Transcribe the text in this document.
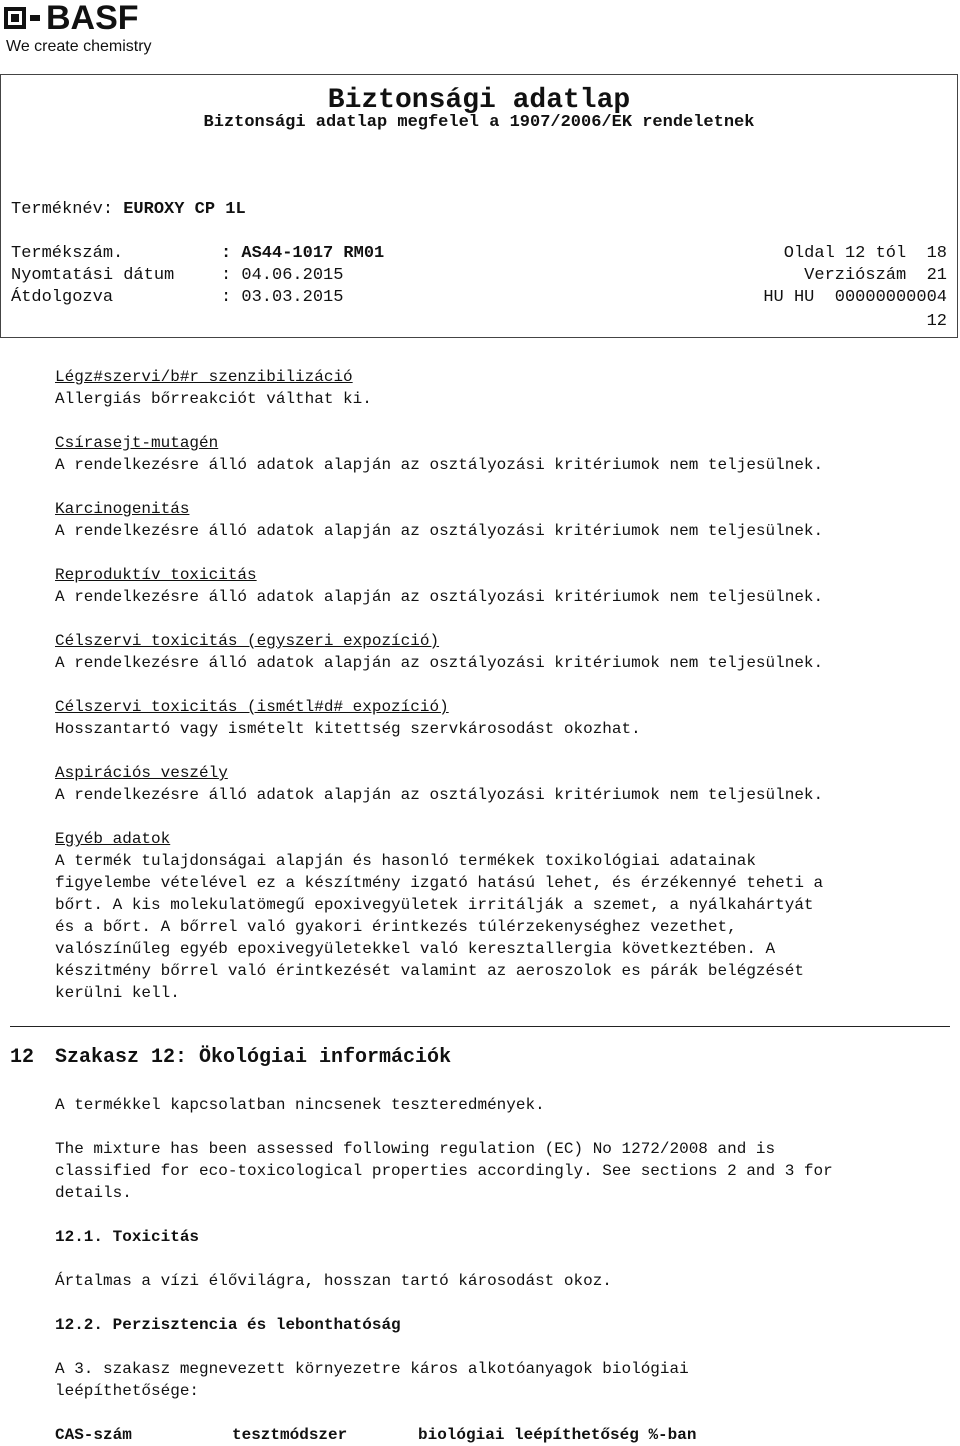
BASF
We create chemistry
Biztonsági adatlap
Biztonsági adatlap megfelel a 1907/2006/EK rendeletnek
Terméknév: EUROXY CP 1L
Termékszám.	: AS44-1017 RM01	Oldal 12 tól  18
Nyomtatási dátum	: 04.06.2015	Verziószám  21
Átdolgozva	: 03.03.2015	HU HU  00000000004
12
Légz#szervi/b#r szenzibilizáció
Allergiás bőrreakciót válthat ki.
Csírasejt-mutagén
A rendelkezésre álló adatok alapján az osztályozási kritériumok nem teljesülnek.
Karcinogenitás
A rendelkezésre álló adatok alapján az osztályozási kritériumok nem teljesülnek.
Reproduktív toxicitás
A rendelkezésre álló adatok alapján az osztályozási kritériumok nem teljesülnek.
Célszervi toxicitás (egyszeri expozíció)
A rendelkezésre álló adatok alapján az osztályozási kritériumok nem teljesülnek.
Célszervi toxicitás (ismétl#d# expozíció)
Hosszantartó vagy ismételt kitettség szervkárosodást okozhat.
Aspirációs veszély
A rendelkezésre álló adatok alapján az osztályozási kritériumok nem teljesülnek.
Egyéb adatok
A termék tulajdonságai alapján és hasonló termékek toxikológiai adatainak
figyelembe vételével ez a készítmény izgató hatású lehet, és érzékennyé teheti a
bőrt. A kis molekulatömegű epoxivegyületek irritálják a szemet, a nyálkahártyát
és a bőrt. A bőrrel való gyakori érintkezés túlérzekenységhez vezethet,
valószínűleg egyéb epoxivegyületekkel való keresztallergia következtében. A
készitmény bőrrel való érintkezését valamint az aeroszolok es párák belégzését
kerülni kell.
12 Szakasz 12: Ökológiai információk
A termékkel kapcsolatban nincsenek teszteredmények.
The mixture has been assessed following regulation (EC) No 1272/2008 and is
classified for eco-toxicological properties accordingly. See sections 2 and 3 for
details.
12.1. Toxicitás
Ártalmas a vízi élővilágra, hosszan tartó károsodást okoz.
12.2. Perzisztencia és lebonthatóság
A 3. szakasz megnevezett környezetre káros alkotóanyagok biológiai
leépíthetősége:
CAS-szám	tesztmódszer	biológiai leépíthetőség %-ban
